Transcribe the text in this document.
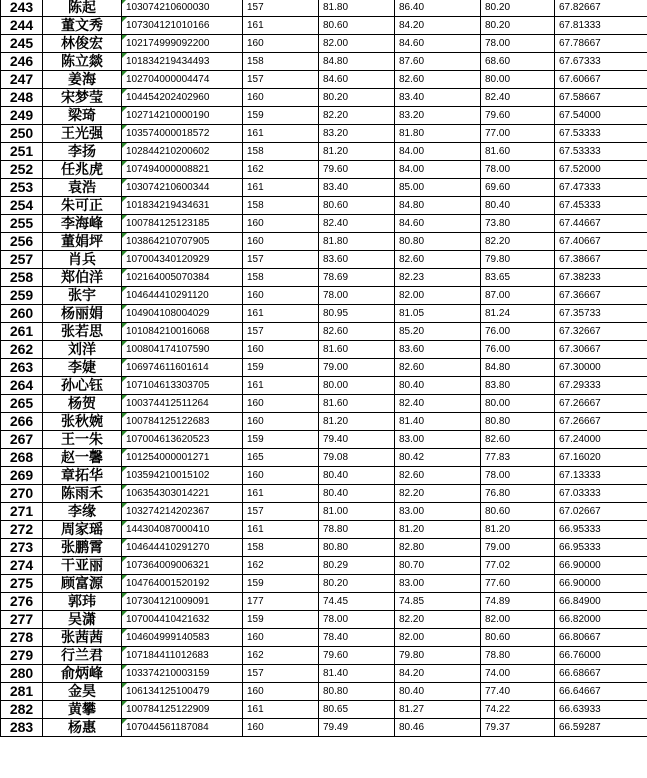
243	陈起	103074210600030	157	81.80	86.40	80.20	67.82667
244	董文秀	107304121010166	161	80.60	84.20	80.20	67.81333
245	林俊宏	102174999092200	160	82.00	84.60	78.00	67.78667
246	陈立燚	101834219434493	158	84.80	87.60	68.60	67.67333
247	姜海	102704000004474	157	84.60	82.60	80.00	67.60667
248	宋梦莹	104454202402960	160	80.20	83.40	82.40	67.58667
249	梁琦	102714210000190	159	82.20	83.20	79.60	67.54000
250	王光强	103574000018572	161	83.20	81.80	77.00	67.53333
251	李扬	102844210200602	158	81.20	84.00	81.60	67.53333
252	任兆虎	107494000008821	162	79.60	84.00	78.00	67.52000
253	袁浩	103074210600344	161	83.40	85.00	69.60	67.47333
254	朱可正	101834219434631	158	80.60	84.80	80.40	67.45333
255	李海峰	100784125123185	160	82.40	84.60	73.80	67.44667
256	董娟坪	103864210707905	160	81.80	80.80	82.20	67.40667
257	肖兵	107004340120929	157	83.60	82.60	79.80	67.38667
258	郑伯洋	102164005070384	158	78.69	82.23	83.65	67.38233
259	张宇	104644410291120	160	78.00	82.00	87.00	67.36667
260	杨丽娟	104904108004029	161	80.95	81.05	81.24	67.35733
261	张若思	101084210016068	157	82.60	85.20	76.00	67.32667
262	刘洋	100804174107590	160	81.60	83.60	76.00	67.30667
263	李婕	106974611601614	159	79.00	82.60	84.80	67.30000
264	孙心钰	107104613303705	161	80.00	80.40	83.80	67.29333
265	杨贺	100374412511264	160	81.60	82.40	80.00	67.26667
266	张秋婉	100784125122683	160	81.20	81.40	80.80	67.26667
267	王一朱	107004613620523	159	79.40	83.00	82.60	67.24000
268	赵一馨	101254000001271	165	79.08	80.42	77.83	67.16020
269	章拓华	103594210015102	160	80.40	82.60	78.00	67.13333
270	陈雨禾	106354303014221	161	80.40	82.20	76.80	67.03333
271	李缘	103274214202367	157	81.00	83.00	80.60	67.02667
272	周家瑶	144304087000410	161	78.80	81.20	81.20	66.95333
273	张鹏霄	104644410291270	158	80.80	82.80	79.00	66.95333
274	干亚丽	107364009006321	162	80.29	80.70	77.02	66.90000
275	顾富源	104764001520192	159	80.20	83.00	77.60	66.90000
276	郭玮	107304121009091	177	74.45	74.85	74.89	66.84900
277	吴潇	107004410421632	159	78.00	82.20	82.00	66.82000
278	张茜茜	104604999140583	160	78.40	82.00	80.60	66.80667
279	行兰君	107184411012683	162	79.60	79.80	78.80	66.76000
280	俞炳峰	103374210003159	157	81.40	84.20	74.00	66.68667
281	金昊	106134125100479	160	80.80	80.40	77.40	66.64667
282	黄攀	100784125122909	161	80.65	81.27	74.22	66.63933
283	杨惠	107044561187084	160	79.49	80.46	79.37	66.59287
